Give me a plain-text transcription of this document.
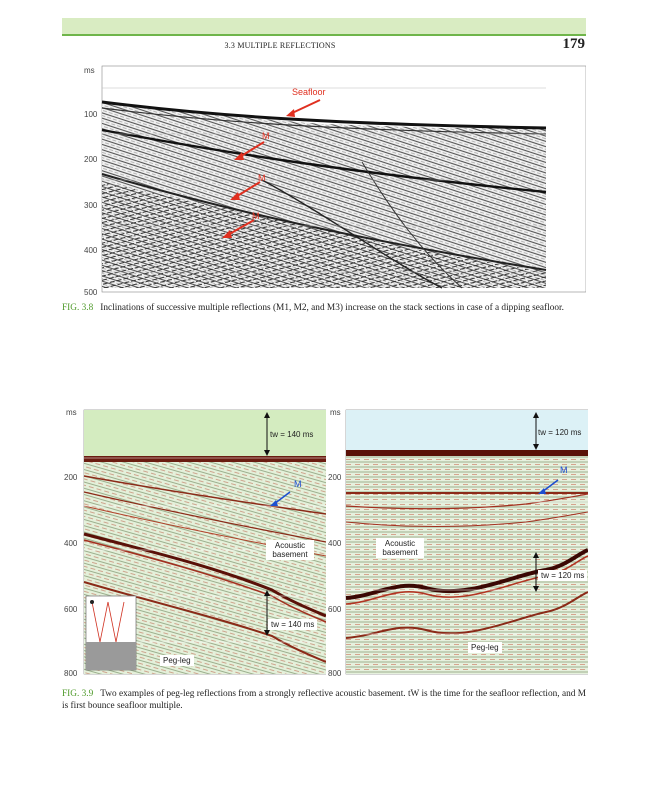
3.3 MULTIPLE REFLECTIONS	179
ms
100
200
300
400
500
Seafloor
M
M
M
FIG. 3.8 Inclinations of successive multiple reflections (M1, M2, and M3) increase on the stack sections in case of a dipping seafloor.
ms
200
400
600
800
tw = 140 ms
M
Acoustic basement
tw = 140 ms
Peg-leg
ms
200
400
600
800
tw = 120 ms
M
Acoustic basement
tw = 120 ms
Peg-leg
FIG. 3.9 Two examples of peg-leg reflections from a strongly reflective acoustic basement. tW is the time for the seafloor reflection, and M is first bounce seafloor multiple.
